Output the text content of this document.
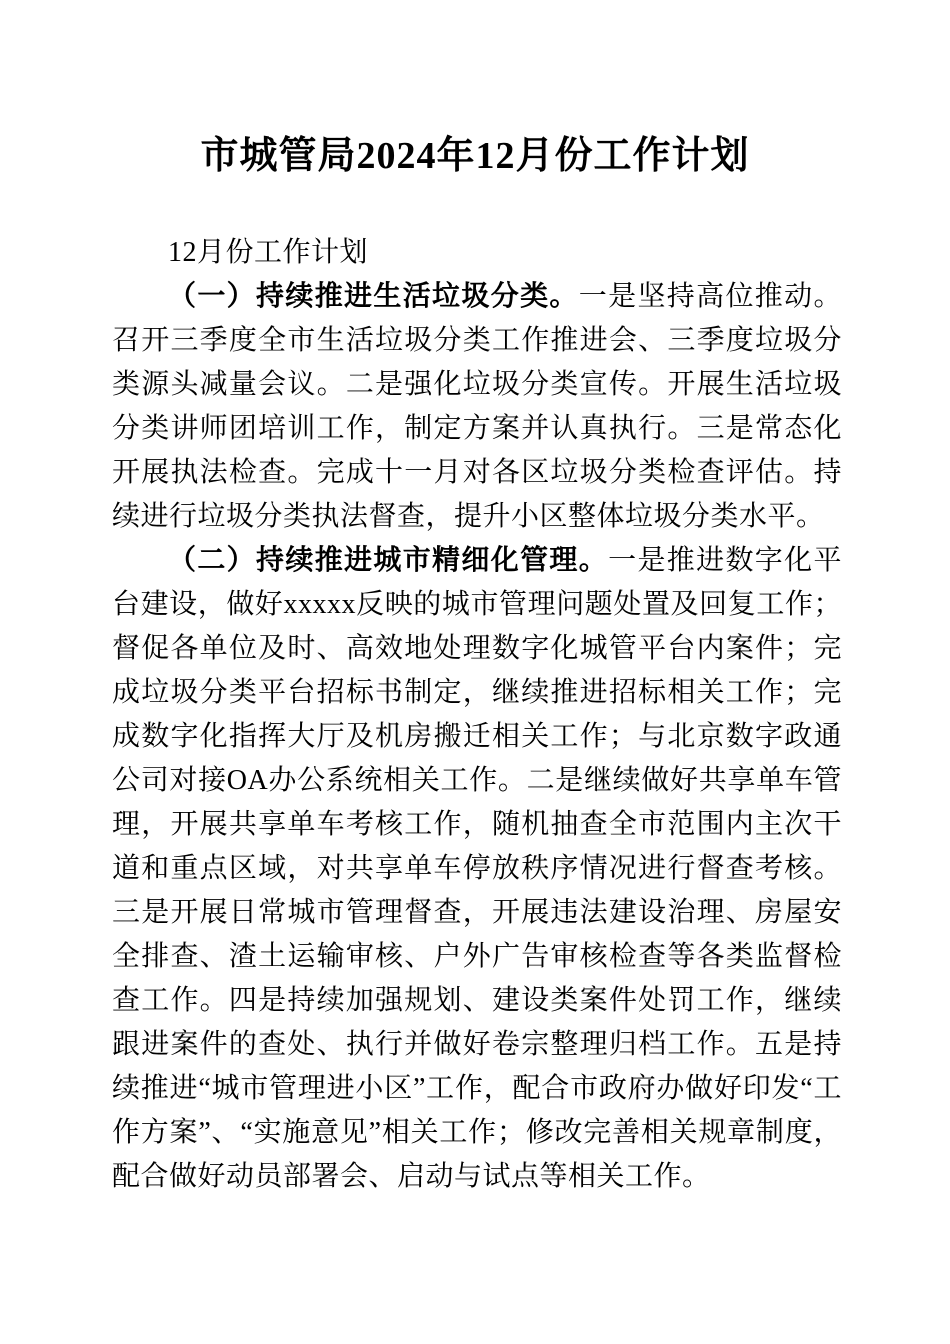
市城管局2024年12月份工作计划

12月份工作计划

（一）持续推进生活垃圾分类。一是坚持高位推动。召开三季度全市生活垃圾分类工作推进会、三季度垃圾分类源头减量会议。二是强化垃圾分类宣传。开展生活垃圾分类讲师团培训工作，制定方案并认真执行。三是常态化开展执法检查。完成十一月对各区垃圾分类检查评估。持续进行垃圾分类执法督查，提升小区整体垃圾分类水平。

（二）持续推进城市精细化管理。一是推进数字化平台建设，做好xxxxx反映的城市管理问题处置及回复工作；督促各单位及时、高效地处理数字化城管平台内案件；完成垃圾分类平台招标书制定，继续推进招标相关工作；完成数字化指挥大厅及机房搬迁相关工作；与北京数字政通公司对接OA办公系统相关工作。二是继续做好共享单车管理，开展共享单车考核工作，随机抽查全市范围内主次干道和重点区域，对共享单车停放秩序情况进行督查考核。三是开展日常城市管理督查，开展违法建设治理、房屋安全排查、渣土运输审核、户外广告审核检查等各类监督检查工作。四是持续加强规划、建设类案件处罚工作，继续跟进案件的查处、执行并做好卷宗整理归档工作。五是持续推进“城市管理进小区”工作，配合市政府办做好印发“工作方案”、“实施意见”相关工作；修改完善相关规章制度，配合做好动员部署会、启动与试点等相关工作。
